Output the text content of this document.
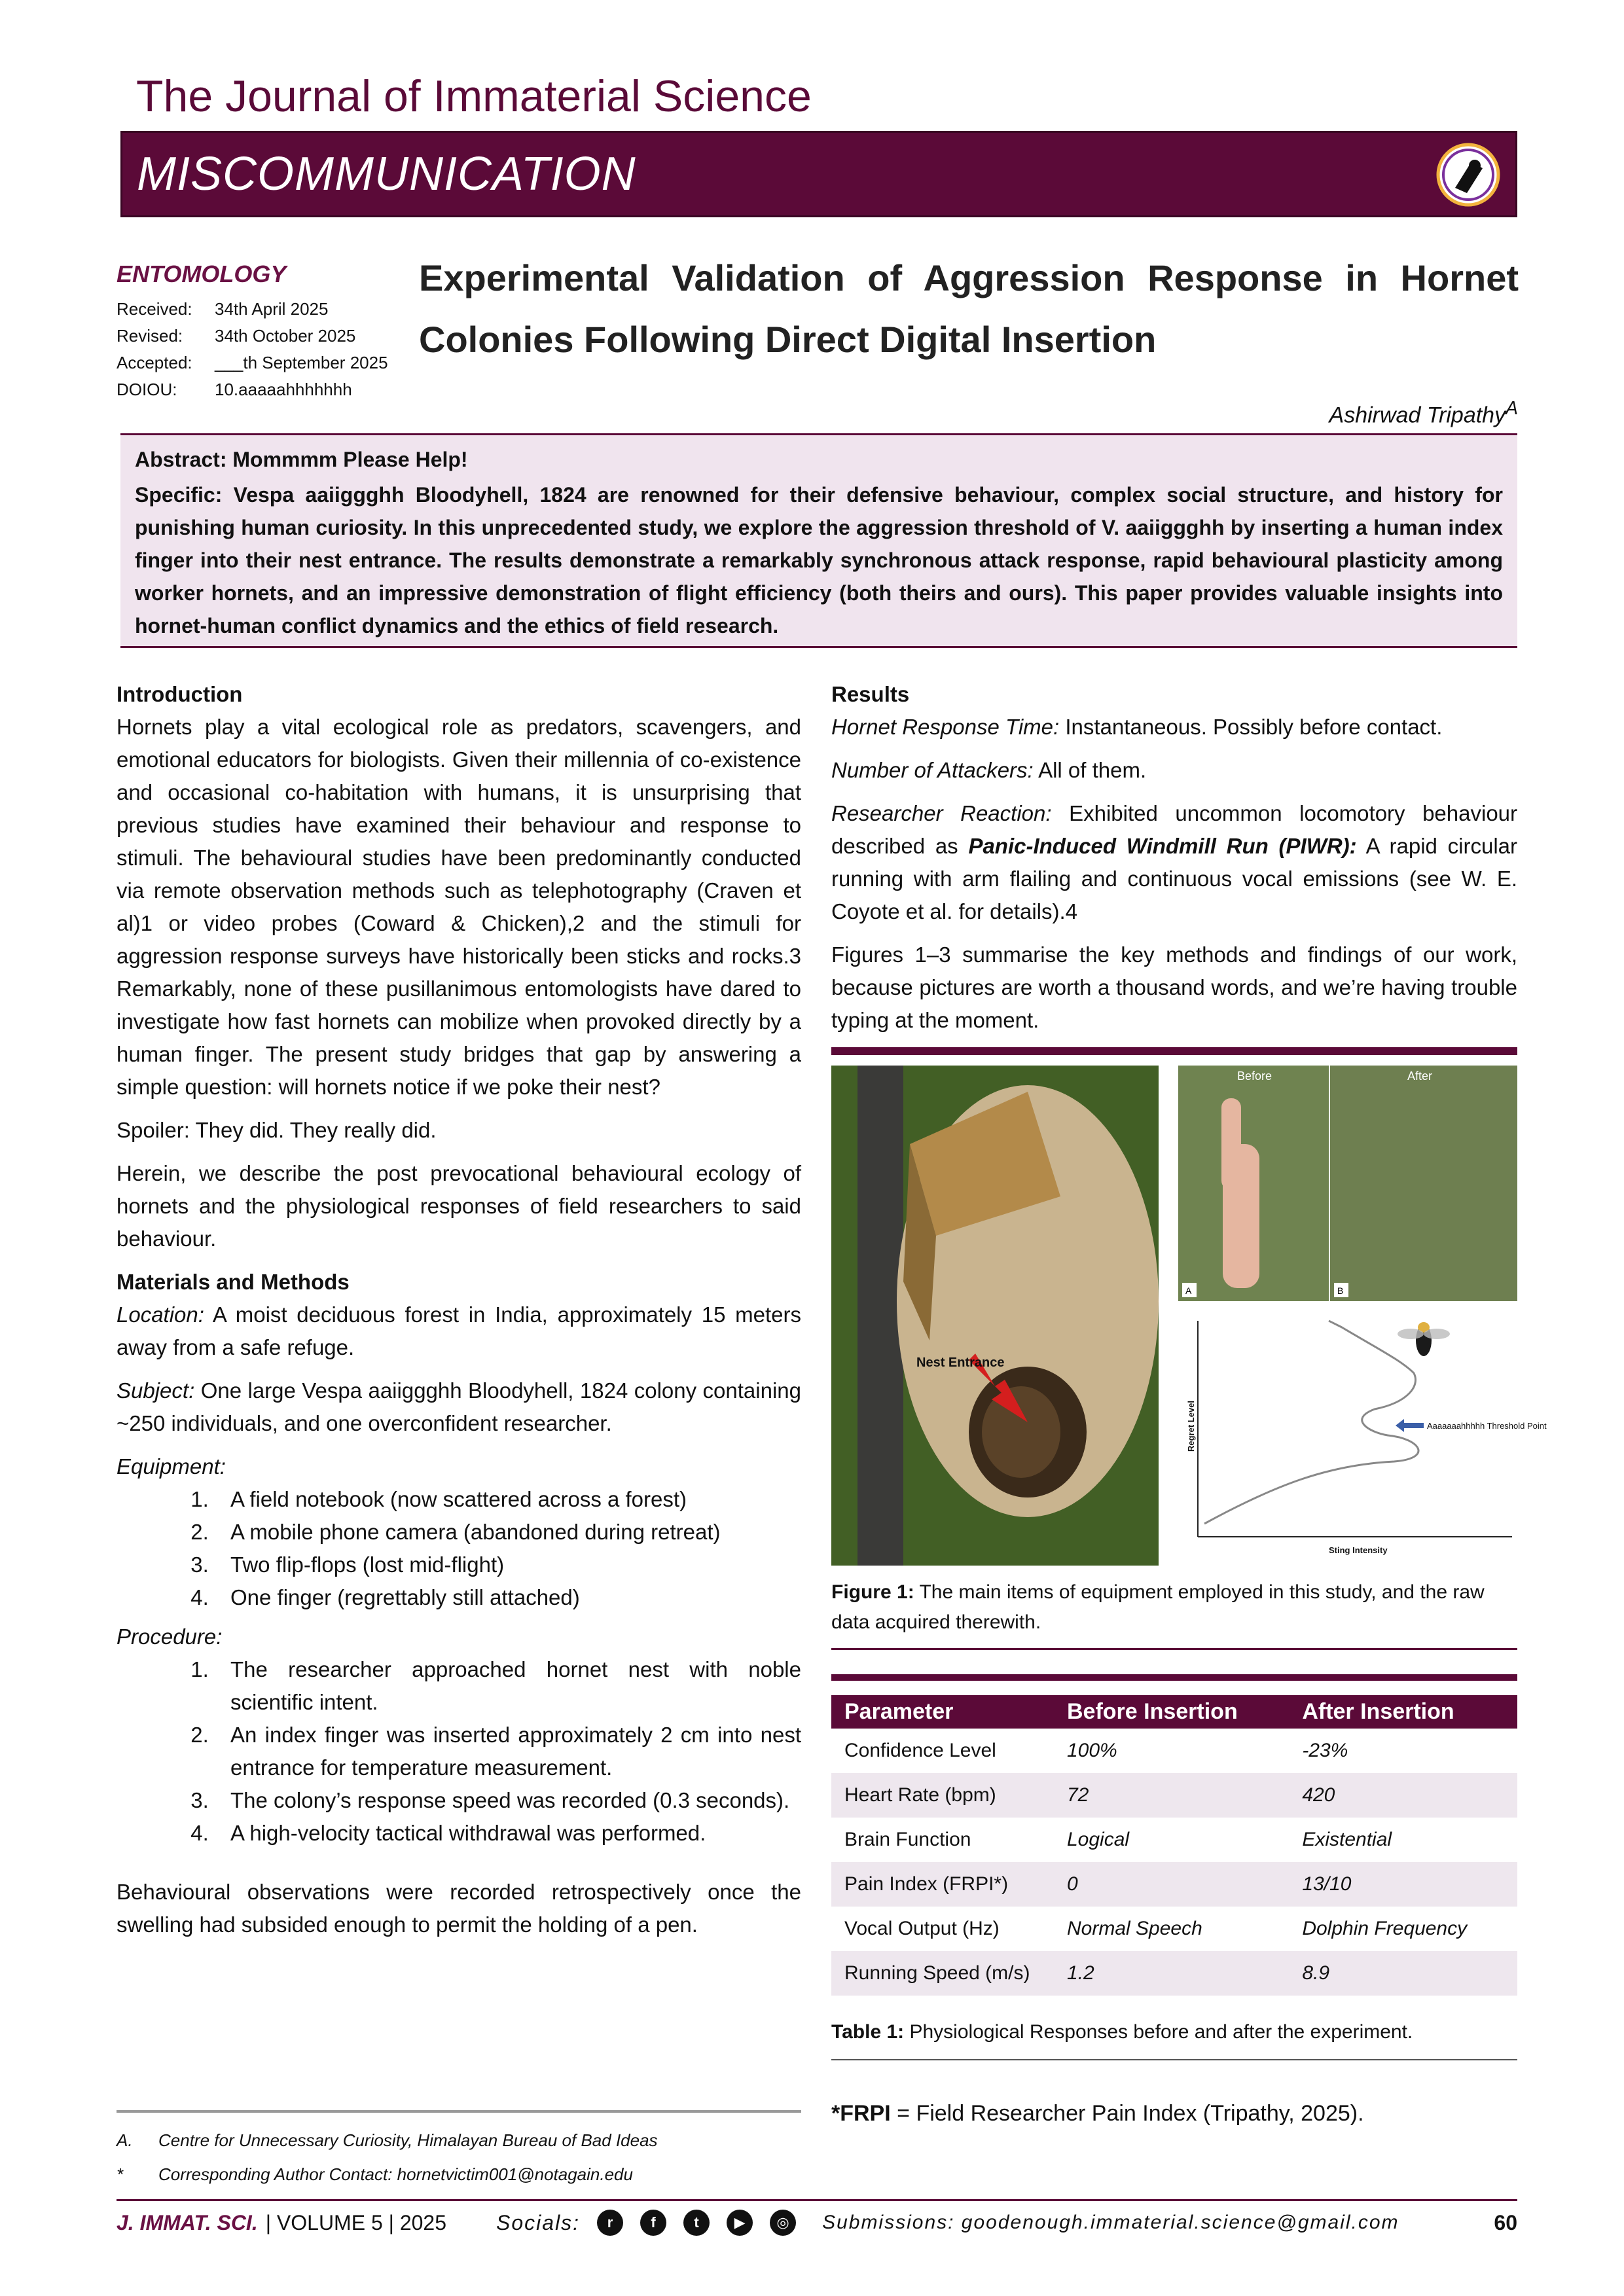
The Journal of Immaterial Science
MISCOMMUNICATION
ENTOMOLOGY
Received:	34th April 2025
Revised:	34th October 2025
Accepted:	___th September 2025
DOIOU:	10.aaaaahhhhhhh
Experimental Validation of Aggression Response in Hornet Colonies Following Direct Digital Insertion
Ashirwad Tripathy$^A$
Abstract: Mommmm Please Help!
Specific: Vespa aaiiggghh Bloodyhell, 1824 are renowned for their defensive behaviour, complex social structure, and history for punishing human curiosity. In this unprecedented study, we explore the aggression threshold of V. aaiiggghh by inserting a human index finger into their nest entrance. The results demonstrate a remarkably synchronous attack response, rapid behavioural plasticity among worker hornets, and an impressive demonstration of flight efficiency (both theirs and ours). This paper provides valuable insights into hornet-human conflict dynamics and the ethics of field research.
Introduction

Hornets play a vital ecological role as predators, scavengers, and emotional educators for biologists. Given their millennia of co-existence and occasional co-habitation with humans, it is unsurprising that previous studies have examined their behaviour and response to stimuli. The behavioural studies have been predominantly conducted via remote observation methods such as telephotography (Craven et al)1 or video probes (Coward & Chicken),2 and the stimuli for aggression response surveys have historically been sticks and rocks.3 Remarkably, none of these pusillanimous entomologists have dared to investigate how fast hornets can mobilize when provoked directly by a human finger. The present study bridges that gap by answering a simple question: will hornets notice if we poke their nest?

Spoiler: They did. They really did.

Herein, we describe the post prevocational behavioural ecology of hornets and the physiological responses of field researchers to said behaviour.

Materials and Methods

Location: A moist deciduous forest in India, approximately 15 meters away from a safe refuge.

Subject: One large Vespa aaiiggghh Bloodyhell, 1824 colony containing ~250 individuals, and one overconfident researcher.

Equipment:
1. A field notebook (now scattered across a forest)
2. A mobile phone camera (abandoned during retreat)
3. Two flip-flops (lost mid-flight)
4. One finger (regrettably still attached)
Procedure:
1. The researcher approached hornet nest with noble scientific intent.
2. An index finger was inserted approximately 2 cm into nest entrance for temperature measurement.
3. The colony’s response speed was recorded (0.3 seconds).
4. A high-velocity tactical withdrawal was performed.

Behavioural observations were recorded retrospectively once the swelling had subsided enough to permit the holding of a pen.

Results

Hornet Response Time: Instantaneous. Possibly before contact.

Number of Attackers: All of them.

Researcher Reaction: Exhibited uncommon locomotory behaviour described as Panic-Induced Windmill Run (PIWR): A rapid circular running with arm flailing and continuous vocal emissions (see W. E. Coyote et al. for details).4

Figures 1–3 summarise the key methods and findings of our work, because pictures are worth a thousand words, and we’re having trouble typing at the moment.

Nest Entrance
Before
A
After
B
Aaaaaaahhhhh Threshold Point
Regret Level
Sting Intensity
Figure 1: The main items of equipment employed in this study, and the raw data acquired therewith.
Parameter	Before Insertion	After Insertion
Confidence Level	100%	-23%
Heart Rate (bpm)	72	420
Brain Function	Logical	Existential
Pain Index (FRPI*)	0	13/10
Vocal Output (Hz)	Normal Speech	Dolphin Frequency
Running Speed (m/s)	1.2	8.9
Table 1: Physiological Responses before and after the experiment.
*FRPI = Field Researcher Pain Index (Tripathy, 2025).
A.	Centre for Unnecessary Curiosity, Himalayan Bureau of Bad Ideas
*	Corresponding Author Contact: hornetvictim001@notagain.edu
J. IMMAT. SCI. | VOLUME 5 | 2025 Socials:	r	f	t	▶	◎	Submissions: goodenough.immaterial.science@gmail.com	60
